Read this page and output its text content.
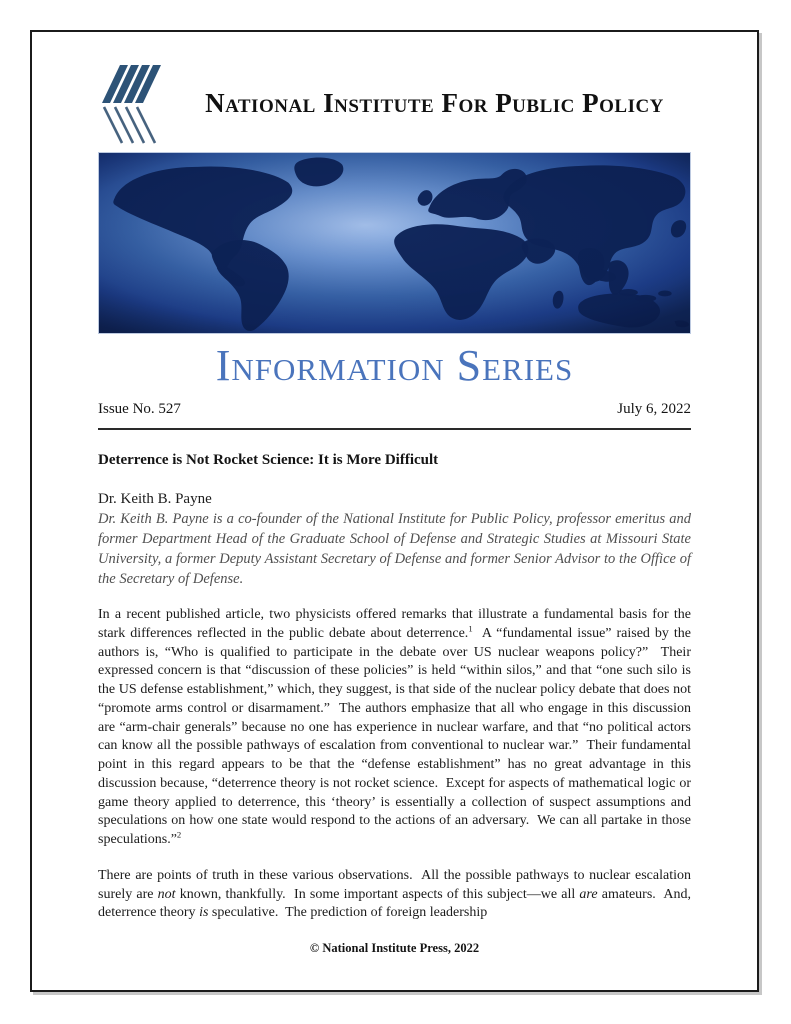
National Institute For Public Policy
Information Series
Issue No. 527	July 6, 2022
Deterrence is Not Rocket Science: It is More Difficult

Dr. Keith B. Payne

Dr. Keith B. Payne is a co-founder of the National Institute for Public Policy, professor emeritus and former Department Head of the Graduate School of Defense and Strategic Studies at Missouri State University, a former Deputy Assistant Secretary of Defense and former Senior Advisor to the Office of the Secretary of Defense.

In a recent published article, two physicists offered remarks that illustrate a fundamental basis for the stark differences reflected in the public debate about deterrence.$^1$  A “fundamental issue” raised by the authors is, “Who is qualified to participate in the debate over US nuclear weapons policy?”  Their expressed concern is that “discussion of these policies” is held “within silos,” and that “one such silo is the US defense establishment,” which, they suggest, is that side of the nuclear policy debate that does not “promote arms control or disarmament.”  The authors emphasize that all who engage in this discussion are “arm-chair generals” because no one has experience in nuclear warfare, and that “no political actors can know all the possible pathways of escalation from conventional to nuclear war.”  Their fundamental point in this regard appears to be that the “defense establishment” has no great advantage in this discussion because, “deterrence theory is not rocket science.  Except for aspects of mathematical logic or game theory applied to deterrence, this ‘theory’ is essentially a collection of suspect assumptions and speculations on how one state would respond to the actions of an adversary.  We can all partake in those speculations.”$^2$

There are points of truth in these various observations.  All the possible pathways to nuclear escalation surely are not known, thankfully.  In some important aspects of this subject—we all are amateurs.  And, deterrence theory is speculative.  The prediction of foreign leadership

© National Institute Press, 2022
